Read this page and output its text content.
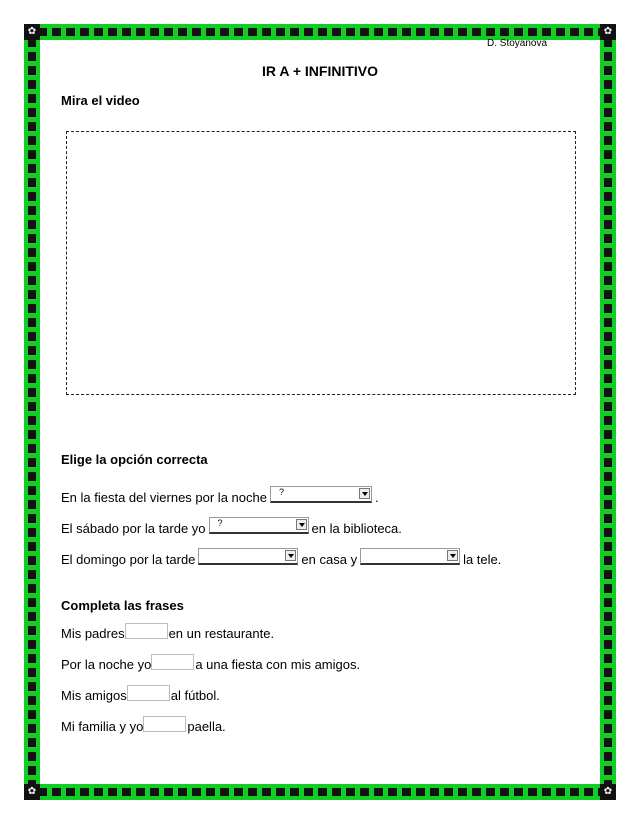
✿	✿
✿	✿
D. Stoyanova
IR A + INFINITIVO
Mira el video
Elige la opción correcta
En la fiesta del viernes por la noche ?	.
El sábado por la tarde yo ?	en la biblioteca.
El domingo por la tarde	en casa y	la tele.
Completa las frases
Mis padres	en un restaurante.
Por la noche yo	a una fiesta con mis amigos.
Mis amigos	al fútbol.
Mi familia y yo	paella.
